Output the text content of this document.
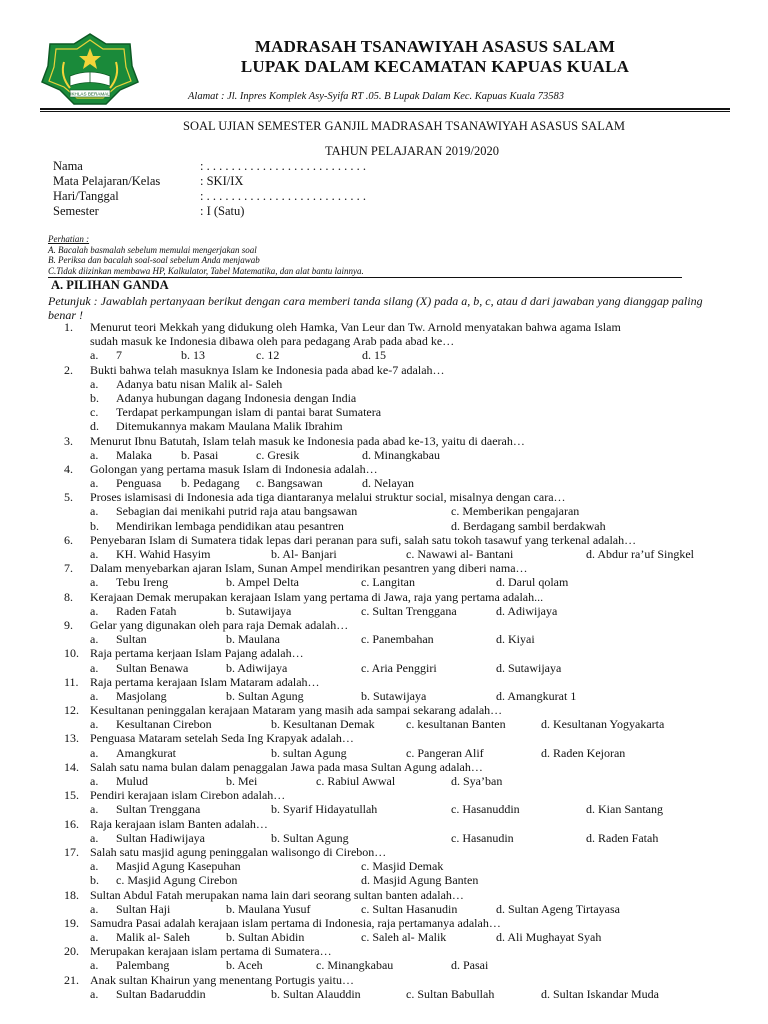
IKHLAS BERAMAL
MADRASAH TSANAWIYAH ASASUS SALAM
LUPAK DALAM KECAMATAN KAPUAS KUALA
Alamat : Jl. Inpres Komplek Asy-Syifa RT .05. B Lupak Dalam Kec. Kapuas Kuala 73583
SOAL UJIAN SEMESTER GANJIL MADRASAH TSANAWIYAH ASASUS SALAM
TAHUN PELAJARAN 2019/2020
Nama	: . . . . . . . . . . . . . . . . . . . . . . . . . .
Mata Pelajaran/Kelas	: SKI/IX
Hari/Tanggal	: . . . . . . . . . . . . . . . . . . . . . . . . . .
Semester	: I (Satu)
Perhatian :
A. Bacalah basmalah sebelum memulai mengerjakan soal
B. Periksa dan bacalah soal-soal sebelum Anda menjawab
C.Tidak diizinkan membawa HP, Kalkulator, Tabel Matematika, dan alat bantu lainnya.
A. PILIHAN GANDA
Petunjuk : Jawablah pertanyaan berikut dengan cara memberi tanda silang (X) pada a, b, c, atau d dari jawaban yang dianggap paling benar !
1. Menurut teori Mekkah yang didukung oleh Hamka, Van Leur dan Tw. Arnold menyatakan bahwa agama Islam
sudah masuk ke Indonesia dibawa oleh para pedagang Arab pada abad ke…
a. 7	b. 13	c. 12	d. 15
2. Bukti bahwa telah masuknya Islam ke Indonesia pada abad ke-7 adalah…
a. Adanya batu nisan Malik al- Saleh
b. Adanya hubungan dagang Indonesia dengan India
c. Terdapat perkampungan islam di pantai barat Sumatera
d. Ditemukannya makam Maulana Malik Ibrahim
3. Menurut Ibnu Batutah, Islam telah masuk ke Indonesia pada abad ke-13, yaitu di daerah…
a. Malaka b. Pasai	c. Gresik	d. Minangkabau
4. Golongan yang pertama masuk Islam di Indonesia adalah…
a. Penguasa b. Pedagang c. Bangsawan	d. Nelayan
5. Proses islamisasi di Indonesia ada tiga diantaranya melalui struktur social, misalnya dengan cara…
a. Sebagian dai menikahi putrid raja atau bangsawan	c. Memberikan pengajaran
b. Mendirikan lembaga pendidikan atau pesantren	d. Berdagang sambil berdakwah
6. Penyebaran Islam di Sumatera tidak lepas dari peranan para sufi, salah satu tokoh tasawuf yang terkenal adalah…
a. KH. Wahid Hasyim	b. Al- Banjari	c. Nawawi al- Bantani	d. Abdur ra’uf Singkel
7. Dalam menyebarkan ajaran Islam, Sunan Ampel mendirikan pesantren yang diberi nama…
a. Tebu Ireng	b. Ampel Delta	c. Langitan	d. Darul qolam
8. Kerajaan Demak merupakan kerajaan Islam yang pertama di Jawa, raja yang pertama adalah...
a. Raden Fatah	b. Sutawijaya	c. Sultan Trenggana	d. Adiwijaya
9. Gelar yang digunakan oleh para raja Demak adalah…
a. Sultan	b. Maulana	c. Panembahan	d. Kiyai
10. Raja pertama kerjaan Islam Pajang adalah…
a. Sultan Benawa	b. Adiwijaya	c. Aria Penggiri	d. Sutawijaya
11. Raja pertama kerajaan Islam Mataram adalah…
a. Masjolang	b. Sultan Agung	b. Sutawijaya	d. Amangkurat 1
12. Kesultanan peninggalan kerajaan Mataram yang masih ada sampai sekarang adalah…
a. Kesultanan Cirebon	b. Kesultanan Demak	c. kesultanan Banten	d. Kesultanan Yogyakarta
13. Penguasa Mataram setelah Seda Ing Krapyak adalah…
a. Amangkurat	b. sultan Agung	c. Pangeran Alif	d. Raden Kejoran
14. Salah satu nama bulan dalam penaggalan Jawa pada masa Sultan Agung adalah…
a. Mulud	b. Mei	c. Rabiul Awwal	d. Sya’ban
15. Pendiri kerajaan islam Cirebon adalah…
a. Sultan Trenggana	b. Syarif Hidayatullah	c. Hasanuddin	d. Kian Santang
16. Raja kerajaan islam Banten adalah…
a. Sultan Hadiwijaya	b. Sultan Agung	c. Hasanudin	d. Raden Fatah
17. Salah satu masjid agung peninggalan walisongo di Cirebon…
a. Masjid Agung Kasepuhan	c. Masjid Demak
b. c. Masjid Agung Cirebon	d. Masjid Agung Banten
18. Sultan Abdul Fatah merupakan nama lain dari seorang sultan banten adalah…
a. Sultan Haji	b. Maulana Yusuf	c. Sultan Hasanudin	d. Sultan Ageng Tirtayasa
19. Samudra Pasai adalah kerajaan islam pertama di Indonesia, raja pertamanya adalah…
a. Malik al- Saleh	b. Sultan Abidin	c. Saleh al- Malik	d. Ali Mughayat Syah
20. Merupakan kerajaan islam pertama di Sumatera…
a. Palembang	b. Aceh	c. Minangkabau	d. Pasai
21. Anak sultan Khairun yang menentang Portugis yaitu…
a. Sultan Badaruddin	b. Sultan Alauddin	c. Sultan Babullah	d. Sultan Iskandar Muda
